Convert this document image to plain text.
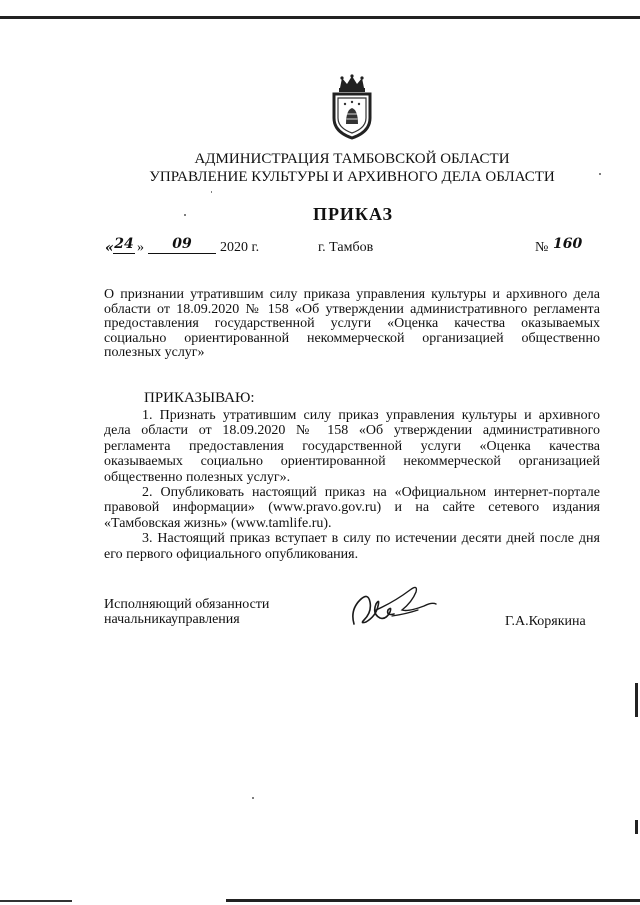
АДМИНИСТРАЦИЯ ТАМБОВСКОЙ ОБЛАСТИ
УПРАВЛЕНИЕ КУЛЬТУРЫ И АРХИВНОГО ДЕЛА ОБЛАСТИ
ПРИКАЗ
« 24 »	09	2020 г.	г. Тамбов	№ 160

О признании утратившим силу приказа управления культуры и архивного дела области от 18.09.2020 № 158 «Об утверждении административного регламента предоставления государственной услуги «Оценка качества оказываемых социально ориентированной некоммерческой организацией общественно полезных услуг»

ПРИКАЗЫВАЮ:

1. Признать утратившим силу приказ управления культуры и архивного дела области от 18.09.2020 № 158 «Об утверждении административного регламента предоставления государственной услуги «Оценка качества оказываемых социально ориентированной некоммерческой организацией общественно полезных услуг».

2. Опубликовать настоящий приказ на «Официальном интернет-портале правовой информации» (www.pravo.gov.ru) и на сайте сетевого издания «Тамбовская жизнь» (www.tamlife.ru).

3. Настоящий приказ вступает в силу по истечении десяти дней после дня его первого официального опубликования.

Исполняющий обязанности
начальникауправления	Г.А.Корякина
